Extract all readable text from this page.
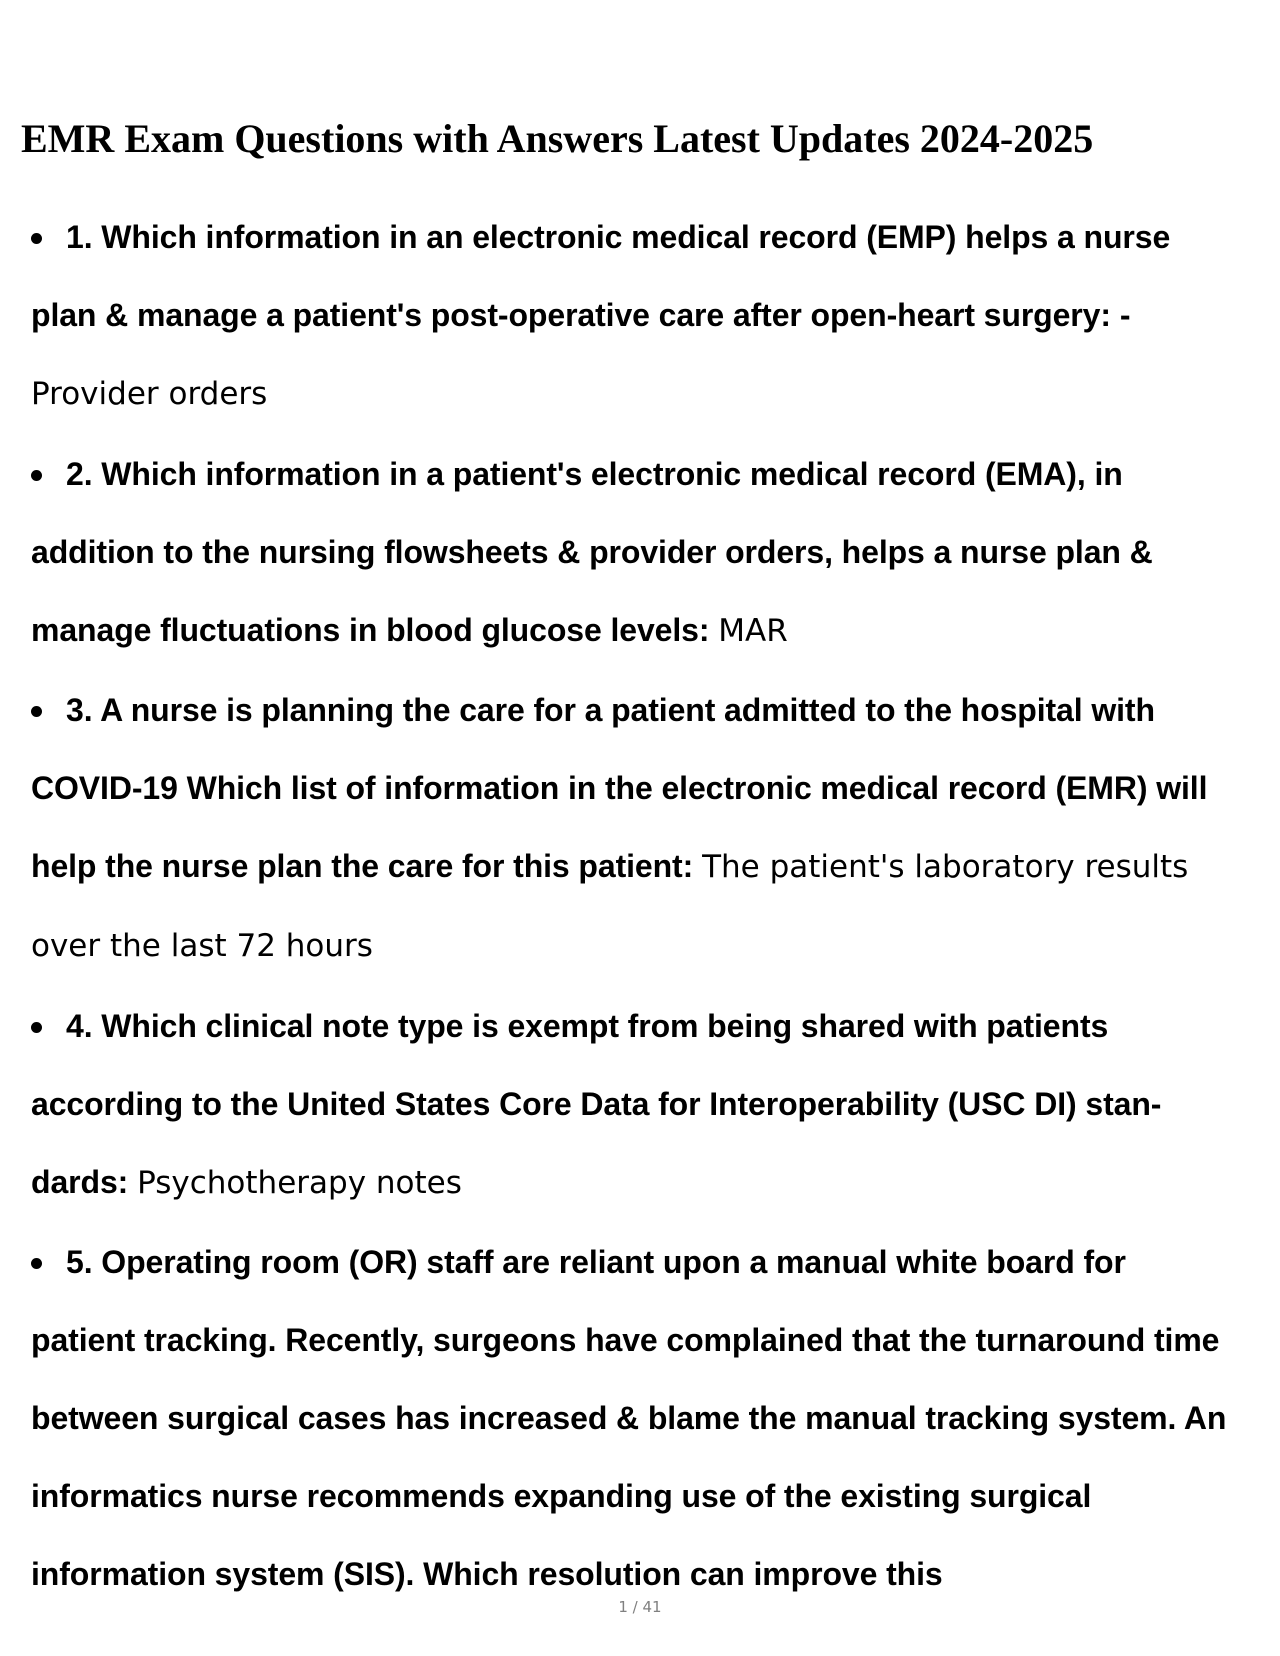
EMR Exam Questions with Answers Latest Updates 2024-2025
1. Which information in an electronic medical record (EMP) helps a nurse plan & manage a patient's post-operative care after open-heart surgery: - Provider orders
2. Which information in a patient's electronic medical record (EMA), in addition to the nursing flowsheets & provider orders, helps a nurse plan & manage fluctuations in blood glucose levels: MAR
3. A nurse is planning the care for a patient admitted to the hospital with COVID-19 Which list of information in the electronic medical record (EMR) will help the nurse plan the care for this patient: The patient's laboratory results over the last 72 hours
4. Which clinical note type is exempt from being shared with patients according to the United States Core Data for Interoperability (USC DI) stan- dards: Psychotherapy notes
5. Operating room (OR) staff are reliant upon a manual white board for patient tracking. Recently, surgeons have complained that the turnaround time between surgical cases has increased & blame the manual tracking system. An informatics nurse recommends expanding use of the existing surgical information system (SIS). Which resolution can improve this
1 / 41
